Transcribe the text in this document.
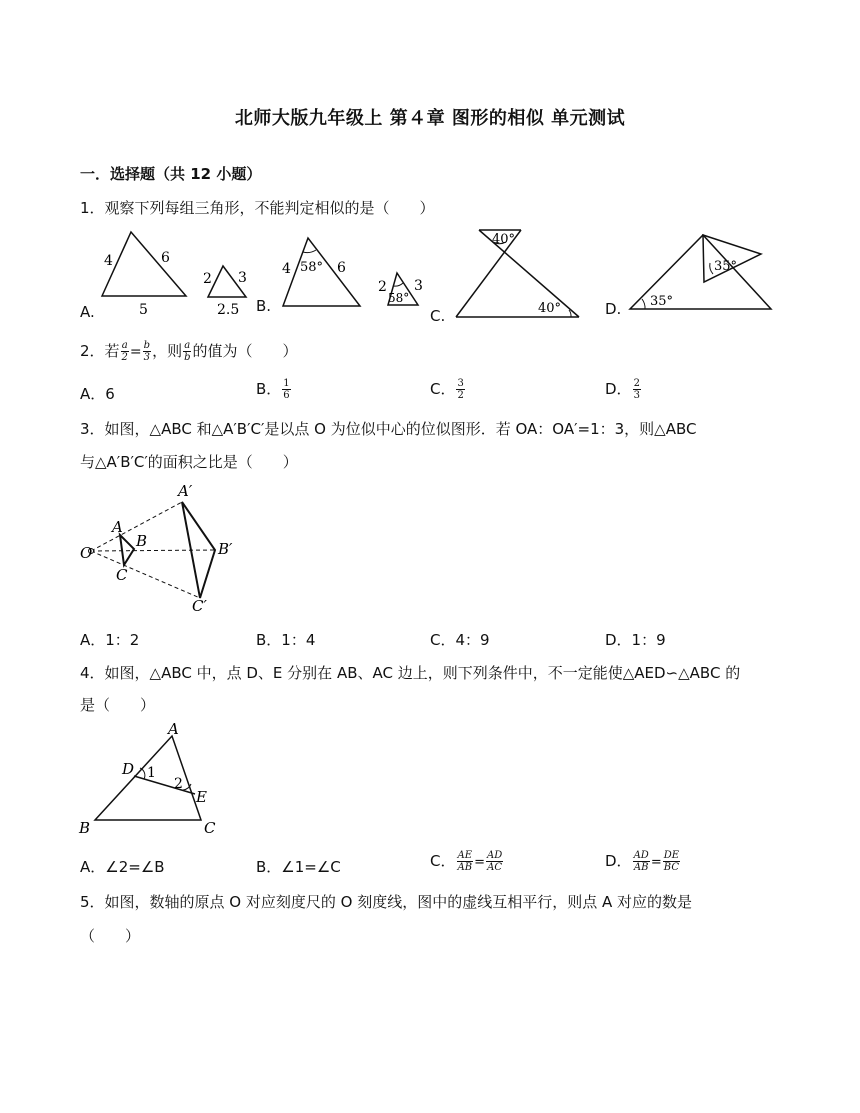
北师大版九年级上 第４章 图形的相似 单元测试
一．选择题（共 12 小题）
1．观察下列每组三角形，不能判定相似的是（　　）
4	6
5
2 3
2.5
A.	B.
4 58° 6
2
58°
3
C.
40°
40°	D.
35°
35°
2．若 $\frac{a}{2} = \frac{b}{3}$ ，则 $\frac{a}{b}$ 的值为（　　）
A．6	B． $\frac{1}{6}$	C． $\frac{3}{2}$	D． $\frac{2}{3}$
3．如图，△ABC 和△A′B′C′是以点 O 为位似中心的位似图形．若 OA：OA′=1：3，则△ABC
与△A′B′C′的面积之比是（　　）
O
A
B
C
A′
B′
C′
A．1：2	B．1：4	C．4：9	D．1：9
4．如图，△ABC 中，点 D、E 分别在 AB、AC 边上，则下列条件中，不一定能使△AED∽△ABC 的
是（　　）
A
B	C
D
E
1
2
A．∠2=∠B	B．∠1=∠C	C． $\frac{AE}{AB} = \frac{AD}{AC}$	D． $\frac{AD}{AB} = \frac{DE}{BC}$
5．如图，数轴的原点 O 对应刻度尺的 O 刻度线，图中的虚线互相平行，则点 A 对应的数是
（　　）
